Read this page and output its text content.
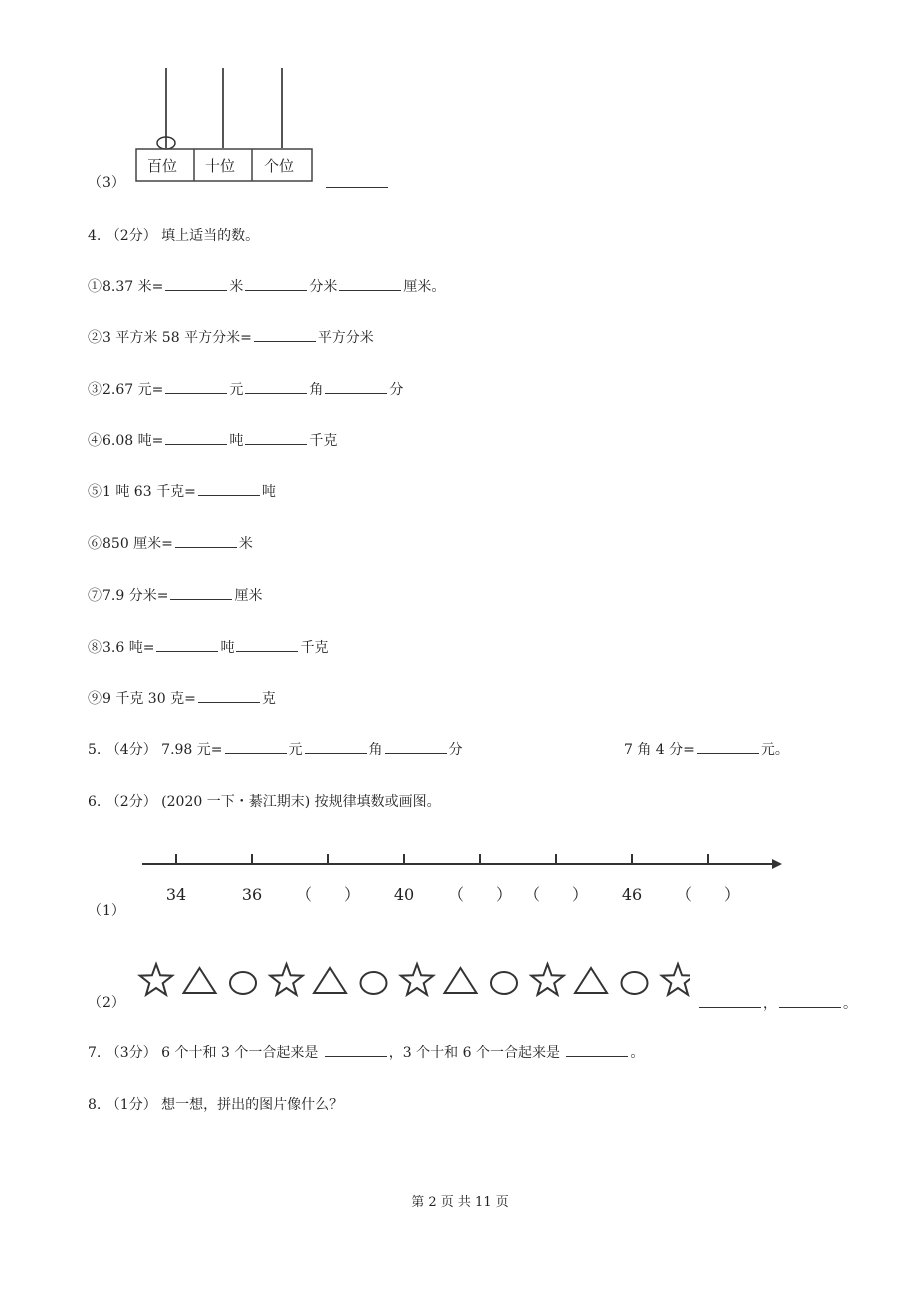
百位 十位 个位
（3）
4. （2分） 填上适当的数。
①8.37 米=	米	分米	厘米。
②3 平方米 58 平方分米=	平方分米
③2.67 元=	元	角	分
④6.08 吨=	吨	千克
⑤1 吨 63 千克=	吨
⑥850 厘米=	米
⑦7.9 分米=	厘米
⑧3.6 吨=	吨	千克
⑨9 千克 30 克=	克
5. （4分） 7.98 元=	元	角	分	7 角 4 分=	元。
6. （2分） (2020 一下・綦江期末) 按规律填数或画图。
34	36	（　　）	40	（　　） （　　）	46	（　　）
（1）
（2）	，	。
7. （3分） 6 个十和 3 个一合起来是	，3 个十和 6 个一合起来是	。
8. （1分） 想一想，拼出的图片像什么？
第 2 页 共 11 页
